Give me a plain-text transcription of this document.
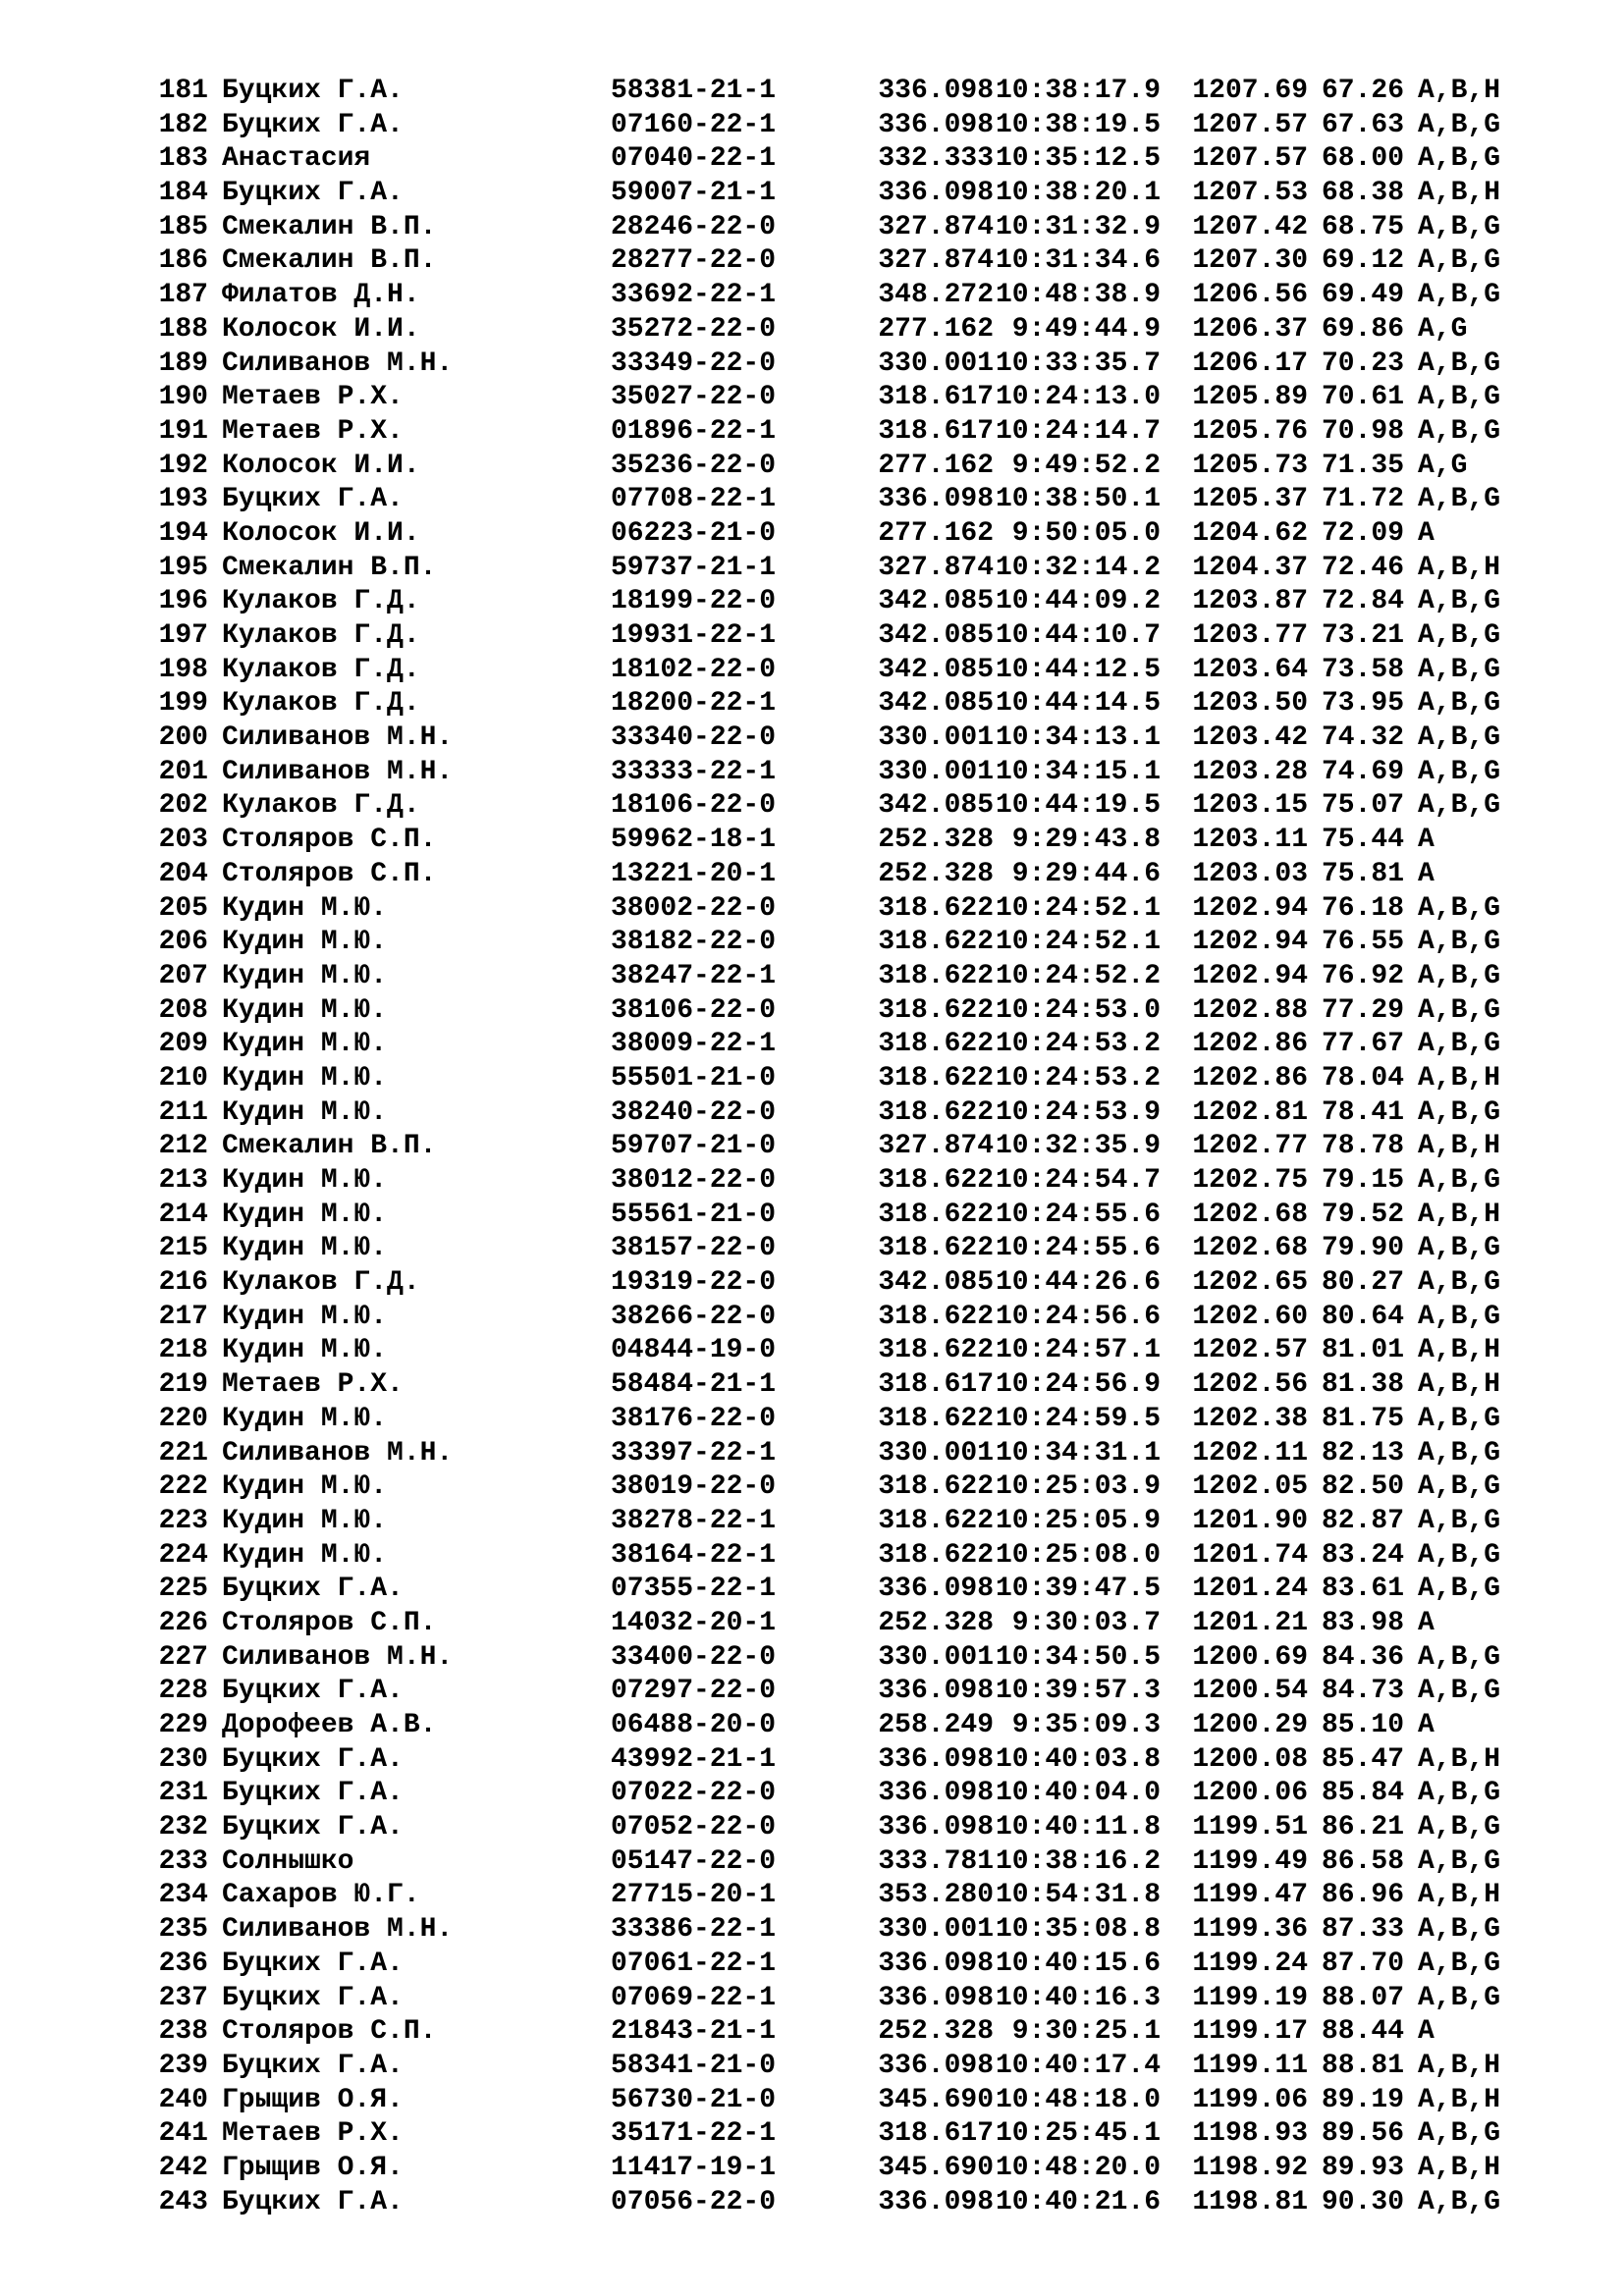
181 Буцких Г.А.	58381-21-1	336.09810:38:17.9 1207.69 67.26 A,B,H
182 Буцких Г.А.	07160-22-1	336.09810:38:19.5 1207.57 67.63 A,B,G
183 Анастасия	07040-22-1	332.33310:35:12.5 1207.57 68.00 A,B,G
184 Буцких Г.А.	59007-21-1	336.09810:38:20.1 1207.53 68.38 A,B,H
185 Смекалин В.П.	28246-22-0	327.87410:31:32.9 1207.42 68.75 A,B,G
186 Смекалин В.П.	28277-22-0	327.87410:31:34.6 1207.30 69.12 A,B,G
187 Филатов Д.Н.	33692-22-1	348.27210:48:38.9 1206.56 69.49 A,B,G
188 Колосок И.И.	35272-22-0	277.162 9:49:44.9 1206.37 69.86 A,G
189 Силиванов М.Н.	33349-22-0	330.00110:33:35.7 1206.17 70.23 A,B,G
190 Метаев Р.Х.	35027-22-0	318.61710:24:13.0 1205.89 70.61 A,B,G
191 Метаев Р.Х.	01896-22-1	318.61710:24:14.7 1205.76 70.98 A,B,G
192 Колосок И.И.	35236-22-0	277.162 9:49:52.2 1205.73 71.35 A,G
193 Буцких Г.А.	07708-22-1	336.09810:38:50.1 1205.37 71.72 A,B,G
194 Колосок И.И.	06223-21-0	277.162 9:50:05.0 1204.62 72.09 A
195 Смекалин В.П.	59737-21-1	327.87410:32:14.2 1204.37 72.46 A,B,H
196 Кулаков Г.Д.	18199-22-0	342.08510:44:09.2 1203.87 72.84 A,B,G
197 Кулаков Г.Д.	19931-22-1	342.08510:44:10.7 1203.77 73.21 A,B,G
198 Кулаков Г.Д.	18102-22-0	342.08510:44:12.5 1203.64 73.58 A,B,G
199 Кулаков Г.Д.	18200-22-1	342.08510:44:14.5 1203.50 73.95 A,B,G
200 Силиванов М.Н.	33340-22-0	330.00110:34:13.1 1203.42 74.32 A,B,G
201 Силиванов М.Н.	33333-22-1	330.00110:34:15.1 1203.28 74.69 A,B,G
202 Кулаков Г.Д.	18106-22-0	342.08510:44:19.5 1203.15 75.07 A,B,G
203 Столяров С.П.	59962-18-1	252.328 9:29:43.8 1203.11 75.44 A
204 Столяров С.П.	13221-20-1	252.328 9:29:44.6 1203.03 75.81 A
205 Кудин М.Ю.	38002-22-0	318.62210:24:52.1 1202.94 76.18 A,B,G
206 Кудин М.Ю.	38182-22-0	318.62210:24:52.1 1202.94 76.55 A,B,G
207 Кудин М.Ю.	38247-22-1	318.62210:24:52.2 1202.94 76.92 A,B,G
208 Кудин М.Ю.	38106-22-0	318.62210:24:53.0 1202.88 77.29 A,B,G
209 Кудин М.Ю.	38009-22-1	318.62210:24:53.2 1202.86 77.67 A,B,G
210 Кудин М.Ю.	55501-21-0	318.62210:24:53.2 1202.86 78.04 A,B,H
211 Кудин М.Ю.	38240-22-0	318.62210:24:53.9 1202.81 78.41 A,B,G
212 Смекалин В.П.	59707-21-0	327.87410:32:35.9 1202.77 78.78 A,B,H
213 Кудин М.Ю.	38012-22-0	318.62210:24:54.7 1202.75 79.15 A,B,G
214 Кудин М.Ю.	55561-21-0	318.62210:24:55.6 1202.68 79.52 A,B,H
215 Кудин М.Ю.	38157-22-0	318.62210:24:55.6 1202.68 79.90 A,B,G
216 Кулаков Г.Д.	19319-22-0	342.08510:44:26.6 1202.65 80.27 A,B,G
217 Кудин М.Ю.	38266-22-0	318.62210:24:56.6 1202.60 80.64 A,B,G
218 Кудин М.Ю.	04844-19-0	318.62210:24:57.1 1202.57 81.01 A,B,H
219 Метаев Р.Х.	58484-21-1	318.61710:24:56.9 1202.56 81.38 A,B,H
220 Кудин М.Ю.	38176-22-0	318.62210:24:59.5 1202.38 81.75 A,B,G
221 Силиванов М.Н.	33397-22-1	330.00110:34:31.1 1202.11 82.13 A,B,G
222 Кудин М.Ю.	38019-22-0	318.62210:25:03.9 1202.05 82.50 A,B,G
223 Кудин М.Ю.	38278-22-1	318.62210:25:05.9 1201.90 82.87 A,B,G
224 Кудин М.Ю.	38164-22-1	318.62210:25:08.0 1201.74 83.24 A,B,G
225 Буцких Г.А.	07355-22-1	336.09810:39:47.5 1201.24 83.61 A,B,G
226 Столяров С.П.	14032-20-1	252.328 9:30:03.7 1201.21 83.98 A
227 Силиванов М.Н.	33400-22-0	330.00110:34:50.5 1200.69 84.36 A,B,G
228 Буцких Г.А.	07297-22-0	336.09810:39:57.3 1200.54 84.73 A,B,G
229 Дорофеев А.В.	06488-20-0	258.249 9:35:09.3 1200.29 85.10 A
230 Буцких Г.А.	43992-21-1	336.09810:40:03.8 1200.08 85.47 A,B,H
231 Буцких Г.А.	07022-22-0	336.09810:40:04.0 1200.06 85.84 A,B,G
232 Буцких Г.А.	07052-22-0	336.09810:40:11.8 1199.51 86.21 A,B,G
233 Солнышко	05147-22-0	333.78110:38:16.2 1199.49 86.58 A,B,G
234 Сахаров Ю.Г.	27715-20-1	353.28010:54:31.8 1199.47 86.96 A,B,H
235 Силиванов М.Н.	33386-22-1	330.00110:35:08.8 1199.36 87.33 A,B,G
236 Буцких Г.А.	07061-22-1	336.09810:40:15.6 1199.24 87.70 A,B,G
237 Буцких Г.А.	07069-22-1	336.09810:40:16.3 1199.19 88.07 A,B,G
238 Столяров С.П.	21843-21-1	252.328 9:30:25.1 1199.17 88.44 A
239 Буцких Г.А.	58341-21-0	336.09810:40:17.4 1199.11 88.81 A,B,H
240 Грыщив О.Я.	56730-21-0	345.69010:48:18.0 1199.06 89.19 A,B,H
241 Метаев Р.Х.	35171-22-1	318.61710:25:45.1 1198.93 89.56 A,B,G
242 Грыщив О.Я.	11417-19-1	345.69010:48:20.0 1198.92 89.93 A,B,H
243 Буцких Г.А.	07056-22-0	336.09810:40:21.6 1198.81 90.30 A,B,G
